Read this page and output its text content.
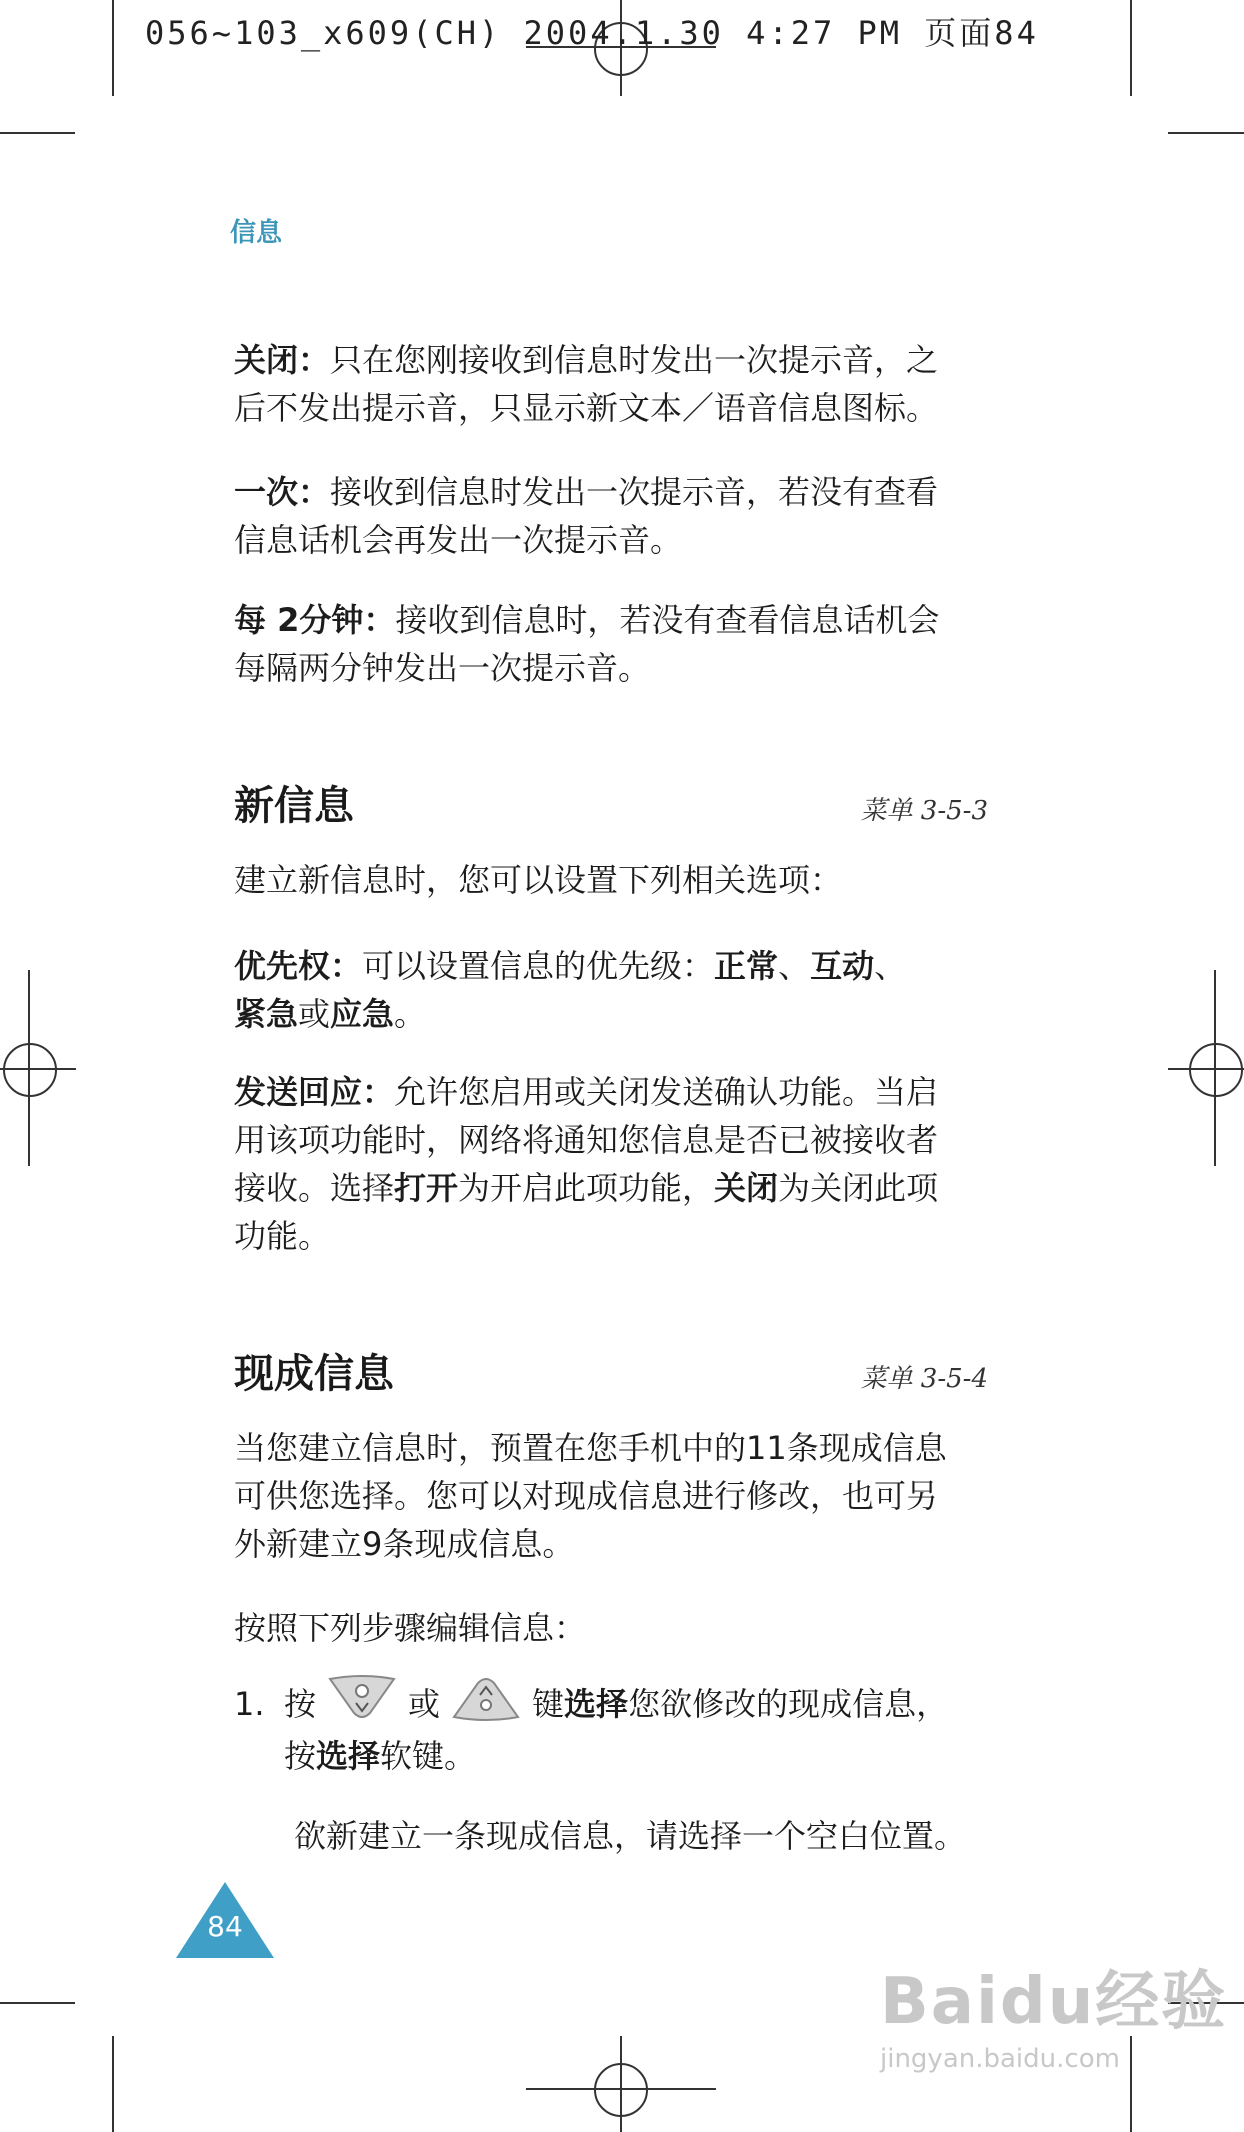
056~103_x609(CH) 2004.1.30 4:27 PM 页面84
信息
关闭：只在您刚接收到信息时发出一次提示音，之
后不发出提示音，只显示新文本／语音信息图标。
一次：接收到信息时发出一次提示音，若没有查看
信息话机会再发出一次提示音。
每 2分钟：接收到信息时，若没有查看信息话机会
每隔两分钟发出一次提示音。
新信息	菜单 3-5-3
建立新信息时，您可以设置下列相关选项：
优先权：可以设置信息的优先级：正常、互动、
紧急或应急。
发送回应：允许您启用或关闭发送确认功能。当启
用该项功能时，网络将通知您信息是否已被接收者
接收。选择打开为开启此项功能，关闭为关闭此项
功能。
现成信息	菜单 3-5-4
当您建立信息时，预置在您手机中的11条现成信息
可供您选择。您可以对现成信息进行修改，也可另
外新建立9条现成信息。
按照下列步骤编辑信息：
1. 按	或	键 选择 您欲修改的现成信息，
按选择软键。
欲新建立一条现成信息，请选择一个空白位置。
84
Baidu经验
jingyan.baidu.com
